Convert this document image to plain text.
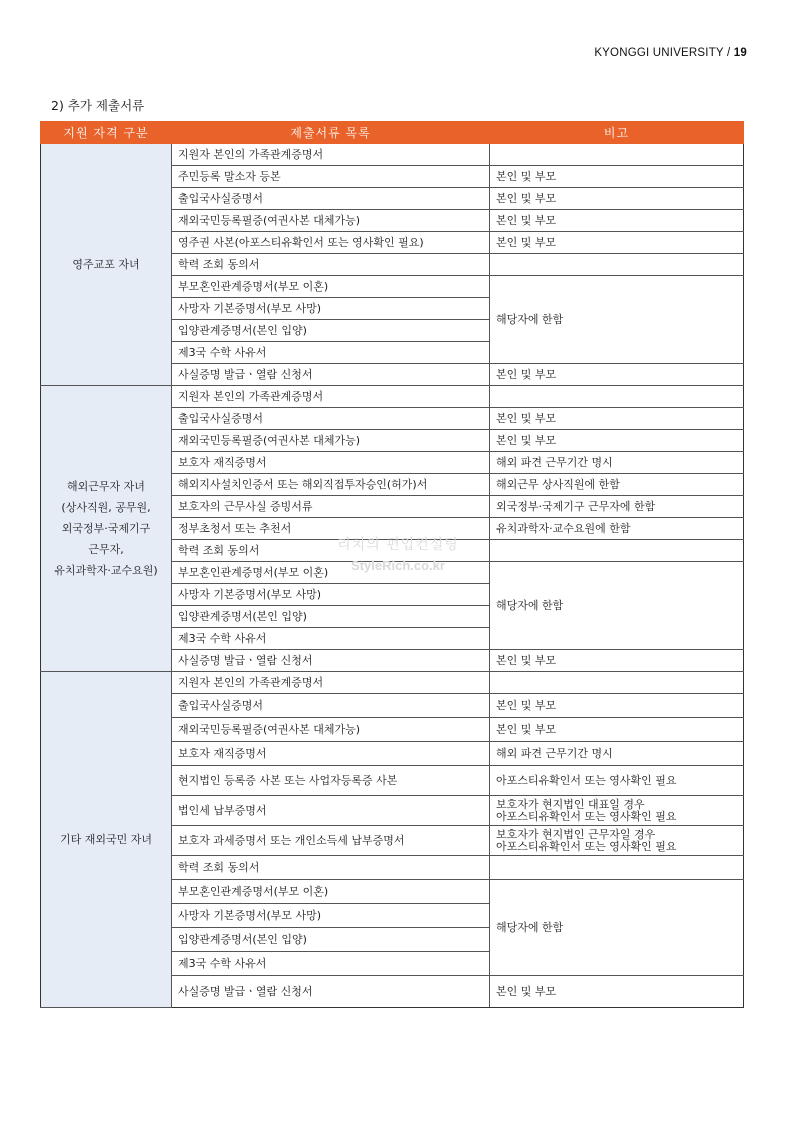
KYONGGI UNIVERSITY / 19
2) 추가 제출서류
지원 자격 구분	제출서류 목록	비고

영주교포 자녀	지원자 본인의 가족관계증명서	
	주민등록 말소자 등본	본인 및 부모
	출입국사실증명서	본인 및 부모
	재외국민등록필증(여권사본 대체가능)	본인 및 부모
	영주권 사본(아포스티유확인서 또는 영사확인 필요)	본인 및 부모
	학력 조회 동의서	
	부모혼인관계증명서(부모 이혼)	해당자에 한함
	사망자 기본증명서(부모 사망)	
	입양관계증명서(본인 입양)	
	제3국 수학 사유서	
	사실증명 발급ㆍ열람 신청서	본인 및 부모

해외근무자 자녀
(상사직원, 공무원,
외국정부·국제기구
근무자,
유치과학자·교수요원)	지원자 본인의 가족관계증명서	
	출입국사실증명서	본인 및 부모
	재외국민등록필증(여권사본 대체가능)	본인 및 부모
	보호자 재직증명서	해외 파견 근무기간 명시
	해외지사설치인증서 또는 해외직접투자승인(허가)서	해외근무 상사직원에 한함
	보호자의 근무사실 증빙서류	외국정부·국제기구 근무자에 한함
	정부초청서 또는 추천서	유치과학자·교수요원에 한함
	학력 조회 동의서	
	부모혼인관계증명서(부모 이혼)	해당자에 한함
	사망자 기본증명서(부모 사망)	
	입양관계증명서(본인 입양)	
	제3국 수학 사유서	
	사실증명 발급ㆍ열람 신청서	본인 및 부모

기타 재외국민 자녀	지원자 본인의 가족관계증명서	
	출입국사실증명서	본인 및 부모
	재외국민등록필증(여권사본 대체가능)	본인 및 부모
	보호자 재직증명서	해외 파견 근무기간 명시
	현지법인 등록증 사본 또는 사업자등록증 사본	아포스티유확인서 또는 영사확인 필요
	법인세 납부증명서	보호자가 현지법인 대표일 경우
아포스티유확인서 또는 영사확인 필요

	보호자 과세증명서 또는 개인소득세 납부증명서	보호자가 현지법인 근무자일 경우
아포스티유확인서 또는 영사확인 필요

	학력 조회 동의서	
	부모혼인관계증명서(부모 이혼)	해당자에 한함
	사망자 기본증명서(부모 사망)	
	입양관계증명서(본인 입양)	
	제3국 수학 사유서	
	사실증명 발급ㆍ열람 신청서	본인 및 부모
리치의 편입컨설팅
StyleRich.co.kr
